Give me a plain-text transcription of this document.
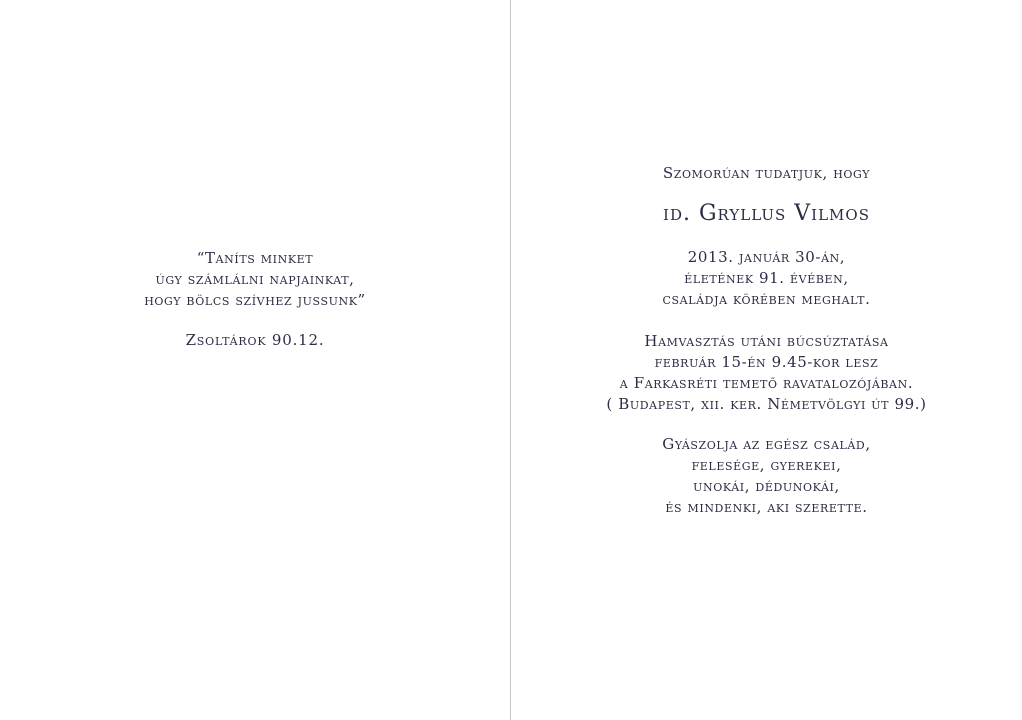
“Taníts minket
úgy számlálni napjainkat,
hogy bölcs szívhez jussunk”
Zsoltárok 90.12.
Szomorúan tudatjuk, hogy
id. Gryllus Vilmos
2013. január 30-án,
életének 91. évében,
családja körében meghalt.
Hamvasztás utáni búcsúztatása
február 15-én 9.45-kor lesz
a Farkasréti temető ravatalozójában.
( Budapest, xii. ker. Németvölgyi út 99.)
Gyászolja az egész család,
felesége, gyerekei,
unokái, dédunokái,
és mindenki, aki szerette.
